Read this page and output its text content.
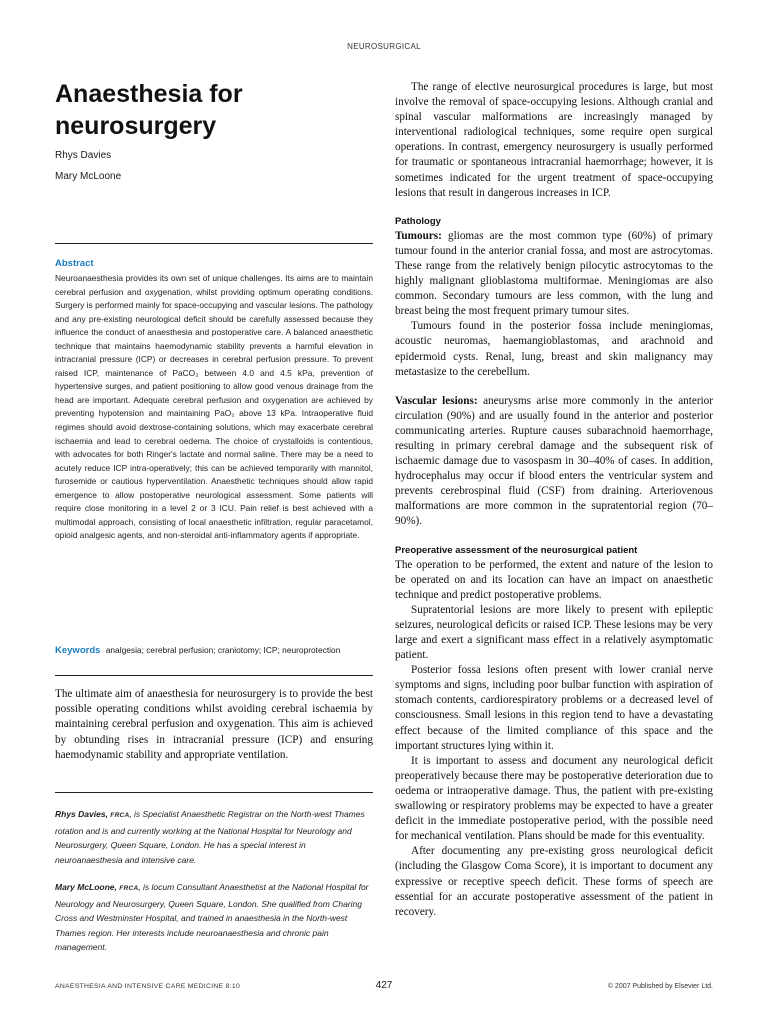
NEUROSURGICAL
Anaesthesia for
neurosurgery
Rhys Davies
Mary McLoone
Abstract
Neuroanaesthesia provides its own set of unique challenges. Its aims are to maintain cerebral perfusion and oxygenation, whilst providing optimum operating conditions. Surgery is performed mainly for space-occupying and vascular lesions. The pathology and any pre-existing neurological deficit should be carefully assessed because they influence the conduct of anaesthesia and postoperative care. A balanced anaesthetic technique that maintains haemodynamic stability prevents a harmful elevation in intracranial pressure (ICP) or decreases in cerebral perfusion pressure. To prevent raised ICP, maintenance of PaCO₂ between 4.0 and 4.5 kPa, prevention of hypertensive surges, and patient positioning to allow good venous drainage from the head are important. Adequate cerebral perfusion and oxygenation are achieved by preventing hypotension and maintaining PaO₂ above 13 kPa. Intraoperative fluid regimes should avoid dextrose-containing solutions, which may exacerbate cerebral ischaemia and lead to cerebral oedema. The choice of crystalloids is contentious, with advocates for both Ringer's lactate and normal saline. There may be a need to acutely reduce ICP intra-operatively; this can be achieved temporarily with mannitol, furosemide or cautious hyperventilation. Anaesthetic techniques should allow rapid emergence to allow postoperative neurological assessment. Some patients will require close monitoring in a level 2 or 3 ICU. Pain relief is best achieved with a multimodal approach, consisting of local anaesthetic infiltration, regular paracetamol, opioid analgesic agents, and non-steroidal anti-inflammatory agents if appropriate.
Keywords analgesia; cerebral perfusion; craniotomy; ICP; neuroprotection
The ultimate aim of anaesthesia for neurosurgery is to provide the best possible operating conditions whilst avoiding cerebral ischaemia by maintaining cerebral perfusion and oxygenation. This aim is achieved by obtunding rises in intracranial pressure (ICP) and ensuring haemodynamic stability and appropriate ventilation.
Rhys Davies, FRCA, is Specialist Anaesthetic Registrar on the North-west Thames rotation and is and currently working at the National Hospital for Neurology and Neurosurgery, Queen Square, London. He has a special interest in neuroanaesthesia and intensive care.
Mary McLoone, FRCA, is locum Consultant Anaesthetist at the National Hospital for Neurology and Neurosurgery, Queen Square, London. She qualified from Charing Cross and Westminster Hospital, and trained in anaesthesia in the North-west Thames region. Her interests include neuroanaesthesia and chronic pain management.

The range of elective neurosurgical procedures is large, but most involve the removal of space-occupying lesions. Although cranial and spinal vascular malformations are increasingly managed by interventional radiological techniques, some require open surgical operations. In contrast, emergency neurosurgery is usually performed for traumatic or spontaneous intracranial haemorrhage; however, it is sometimes indicated for the urgent treatment of space-occupying lesions that result in dangerous increases in ICP.

Pathology

Tumours: gliomas are the most common type (60%) of primary tumour found in the anterior cranial fossa, and most are astrocytomas. These range from the relatively benign pilocytic astrocytomas to the highly malignant glioblastoma multiformae. Meningiomas are also common. Secondary tumours are less common, with the lung and breast being the most frequent primary tumour sites.

Tumours found in the posterior fossa include meningiomas, acoustic neuromas, haemangioblastomas, and arachnoid and epidermoid cysts. Renal, lung, breast and skin malignancy may metastasize to the cerebellum.

Vascular lesions: aneurysms arise more commonly in the anterior circulation (90%) and are usually found in the anterior and posterior communicating arteries. Rupture causes subarachnoid haemorrhage, resulting in primary cerebral damage and the subsequent risk of ischaemic damage due to vasospasm in 30–40% of cases. In addition, hydrocephalus may occur if blood enters the ventricular system and prevents cerebrospinal fluid (CSF) from draining. Arteriovenous malformations are more common in the supratentorial region (70–90%).

Preoperative assessment of the neurosurgical patient

The operation to be performed, the extent and nature of the lesion to be operated on and its location can have an impact on anaesthetic technique and predict postoperative problems.

Supratentorial lesions are more likely to present with epileptic seizures, neurological deficits or raised ICP. These lesions may be very large and exert a significant mass effect in a relatively asymptomatic patient.

Posterior fossa lesions often present with lower cranial nerve symptoms and signs, including poor bulbar function with aspiration of stomach contents, cardiorespiratory problems or a decreased level of consciousness. Small lesions in this region tend to have a devastating effect because of the limited compliance of this space and the important structures lying within it.

It is important to assess and document any neurological deficit preoperatively because there may be postoperative deterioration due to oedema or intraoperative damage. Thus, the patient with pre-existing swallowing or respiratory problems may be expected to have a greater deficit in the immediate postoperative period, with the possible need for mechanical ventilation. Plans should be made for this eventuality.

After documenting any pre-existing gross neurological deficit (including the Glasgow Coma Score), it is important to document any expressive or receptive speech deficit. These forms of speech are essential for an accurate postoperative assessment of the patient in recovery.

ANAESTHESIA AND INTENSIVE CARE MEDICINE 8:10	427	© 2007 Published by Elsevier Ltd.
